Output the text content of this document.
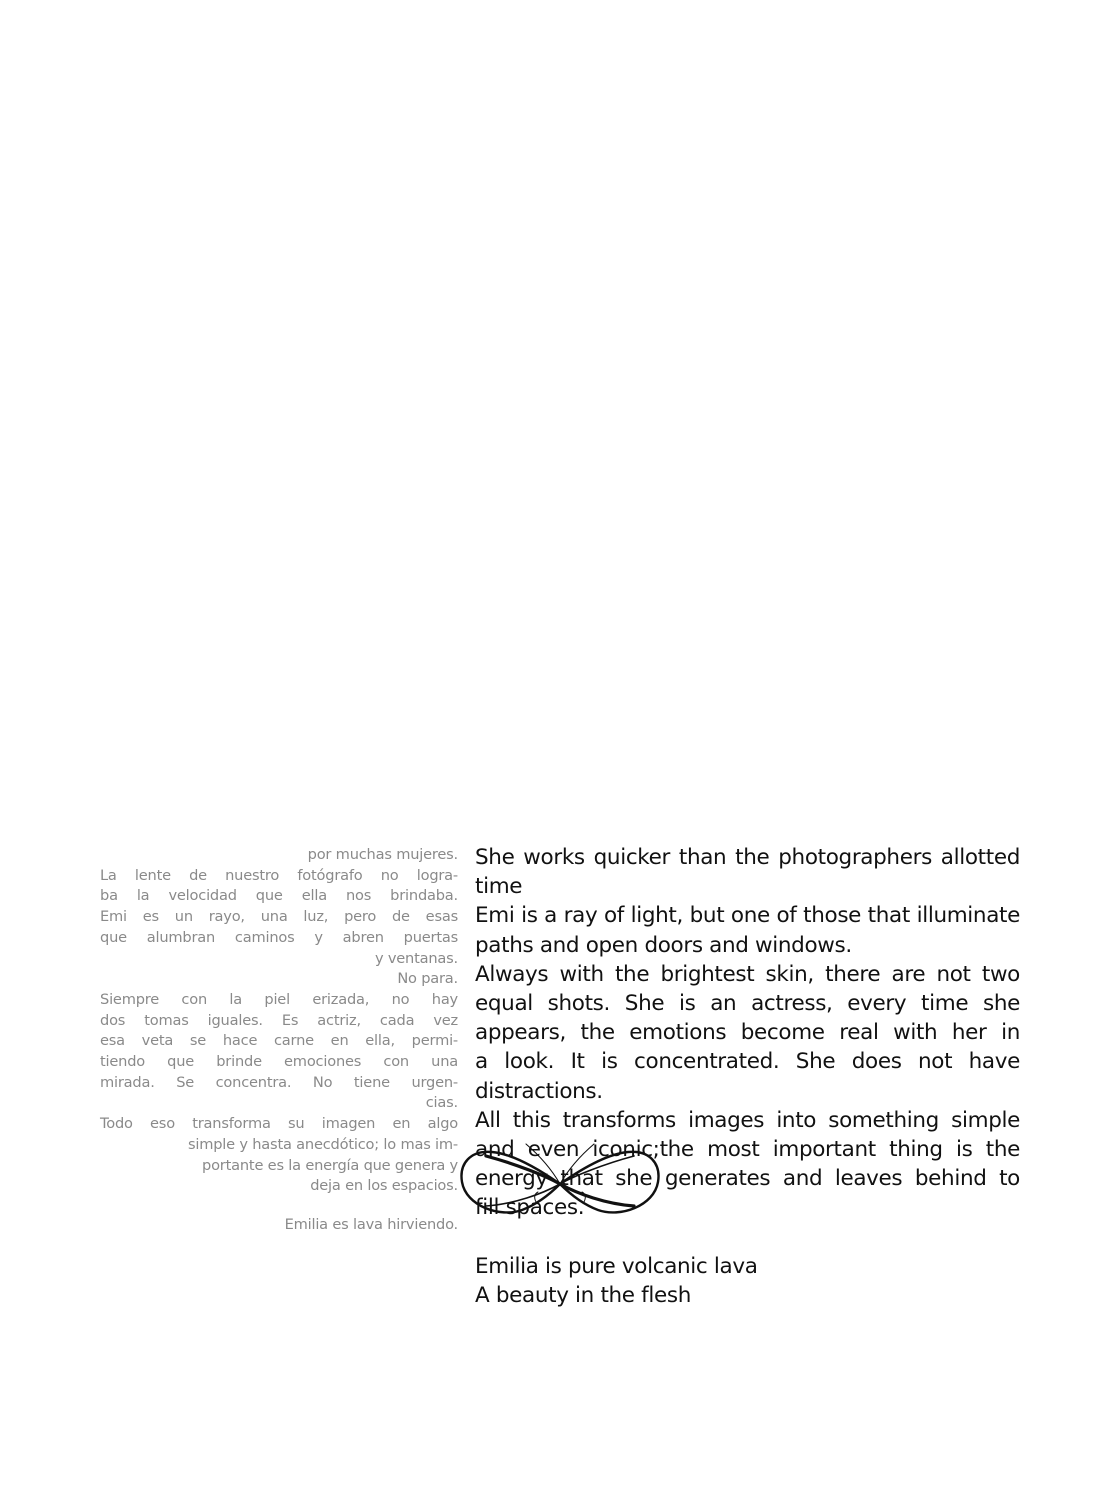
por muchas mujeres.
La lente de nuestro fotógrafo no logra-
ba la velocidad que ella nos brindaba.
Emi es un rayo, una luz, pero de esas
que alumbran caminos y abren puertas
y ventanas.
No para.
Siempre con la piel erizada, no hay
dos tomas iguales. Es actriz, cada vez
esa veta se hace carne en ella, permi-
tiendo que brinde emociones con una
mirada. Se concentra. No tiene urgen-
cias.
Todo eso transforma su imagen en algo
simple y hasta anecdótico; lo mas im-
portante es la energía que genera y
deja en los espacios.
Emilia es lava hirviendo.
She works quicker than the photographers allotted
time
Emi is a ray of light, but one of those that illuminate
paths and open doors and windows.
Always with the brightest skin, there are not two
equal shots. She is an actress, every time she
appears, the emotions become real with her in
a look. It is concentrated. She does not have
distractions.
All this transforms images into something simple
and even iconic;the most important thing is the
energy that she generates and leaves behind to
fill spaces.
Emilia is pure volcanic lava
A beauty in the flesh
